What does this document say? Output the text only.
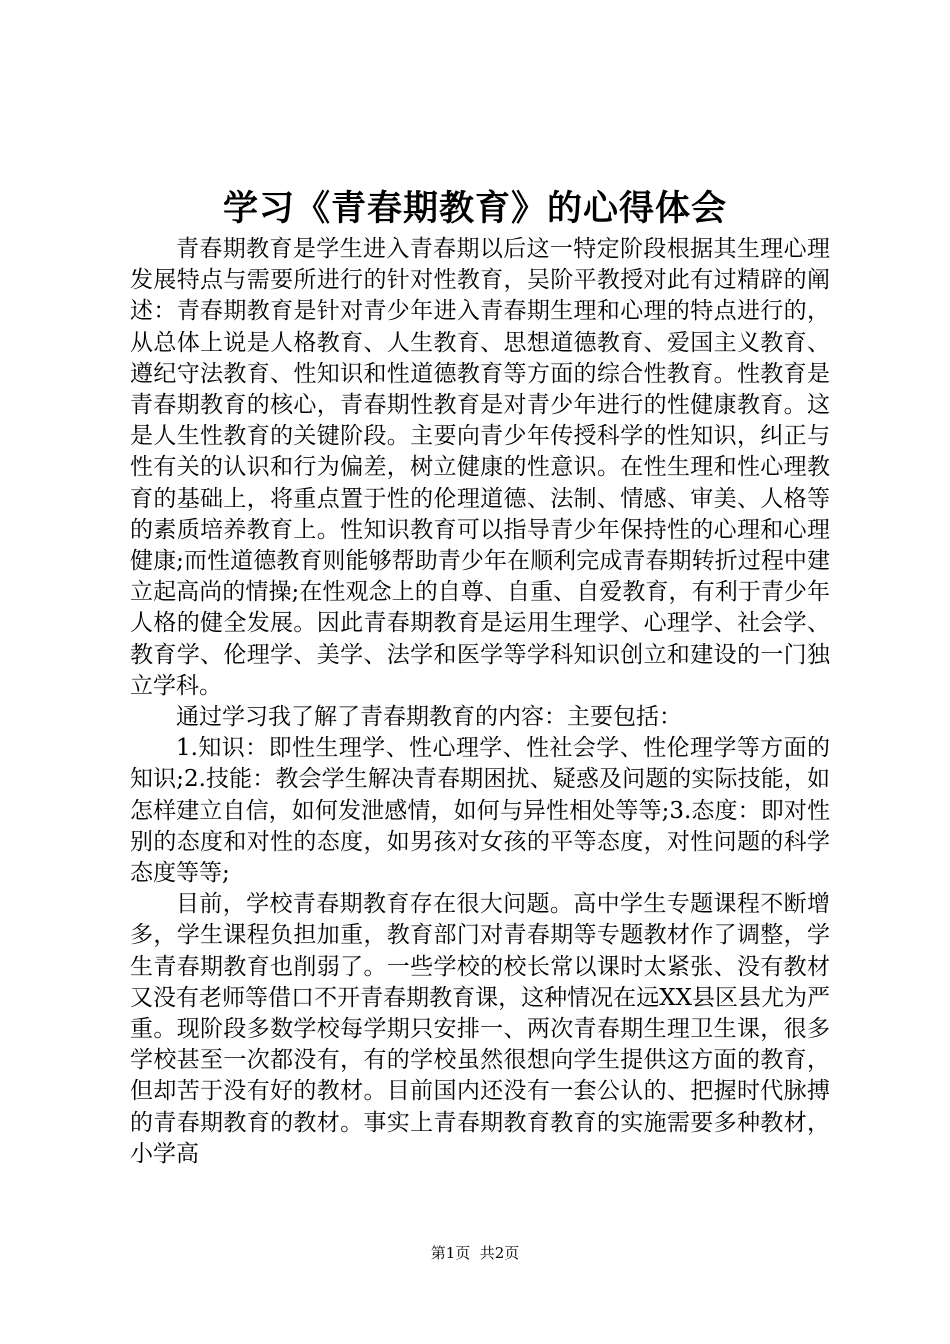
学习《青春期教育》的心得体会

青春期教育是学生进入青春期以后这一特定阶段根据其生理心理发展特点与需要所进行的针对性教育，吴阶平教授对此有过精辟的阐述：青春期教育是针对青少年进入青春期生理和心理的特点进行的，从总体上说是人格教育、人生教育、思想道德教育、爱国主义教育、遵纪守法教育、性知识和性道德教育等方面的综合性教育。性教育是青春期教育的核心，青春期性教育是对青少年进行的性健康教育。这是人生性教育的关键阶段。主要向青少年传授科学的性知识，纠正与性有关的认识和行为偏差，树立健康的性意识。在性生理和性心理教育的基础上，将重点置于性的伦理道德、法制、情感、审美、人格等的素质培养教育上。性知识教育可以指导青少年保持性的心理和心理健康;而性道德教育则能够帮助青少年在顺利完成青春期转折过程中建立起高尚的情操;在性观念上的自尊、自重、自爱教育，有利于青少年人格的健全发展。因此青春期教育是运用生理学、心理学、社会学、教育学、伦理学、美学、法学和医学等学科知识创立和建设的一门独立学科。

通过学习我了解了青春期教育的内容：主要包括：

1.知识：即性生理学、性心理学、性社会学、性伦理学等方面的知识;2.技能：教会学生解决青春期困扰、疑惑及问题的实际技能，如怎样建立自信，如何发泄感情，如何与异性相处等等;3.态度：即对性别的态度和对性的态度，如男孩对女孩的平等态度，对性问题的科学态度等等;

目前，学校青春期教育存在很大问题。高中学生专题课程不断增多，学生课程负担加重，教育部门对青春期等专题教材作了调整，学生青春期教育也削弱了。一些学校的校长常以课时太紧张、没有教材又没有老师等借口不开青春期教育课，这种情况在远XX县区县尤为严重。现阶段多数学校每学期只安排一、两次青春期生理卫生课，很多学校甚至一次都没有，有的学校虽然很想向学生提供这方面的教育，但却苦于没有好的教材。目前国内还没有一套公认的、把握时代脉搏的青春期教育的教材。事实上青春期教育教育的实施需要多种教材，小学高

第1页  共2页
